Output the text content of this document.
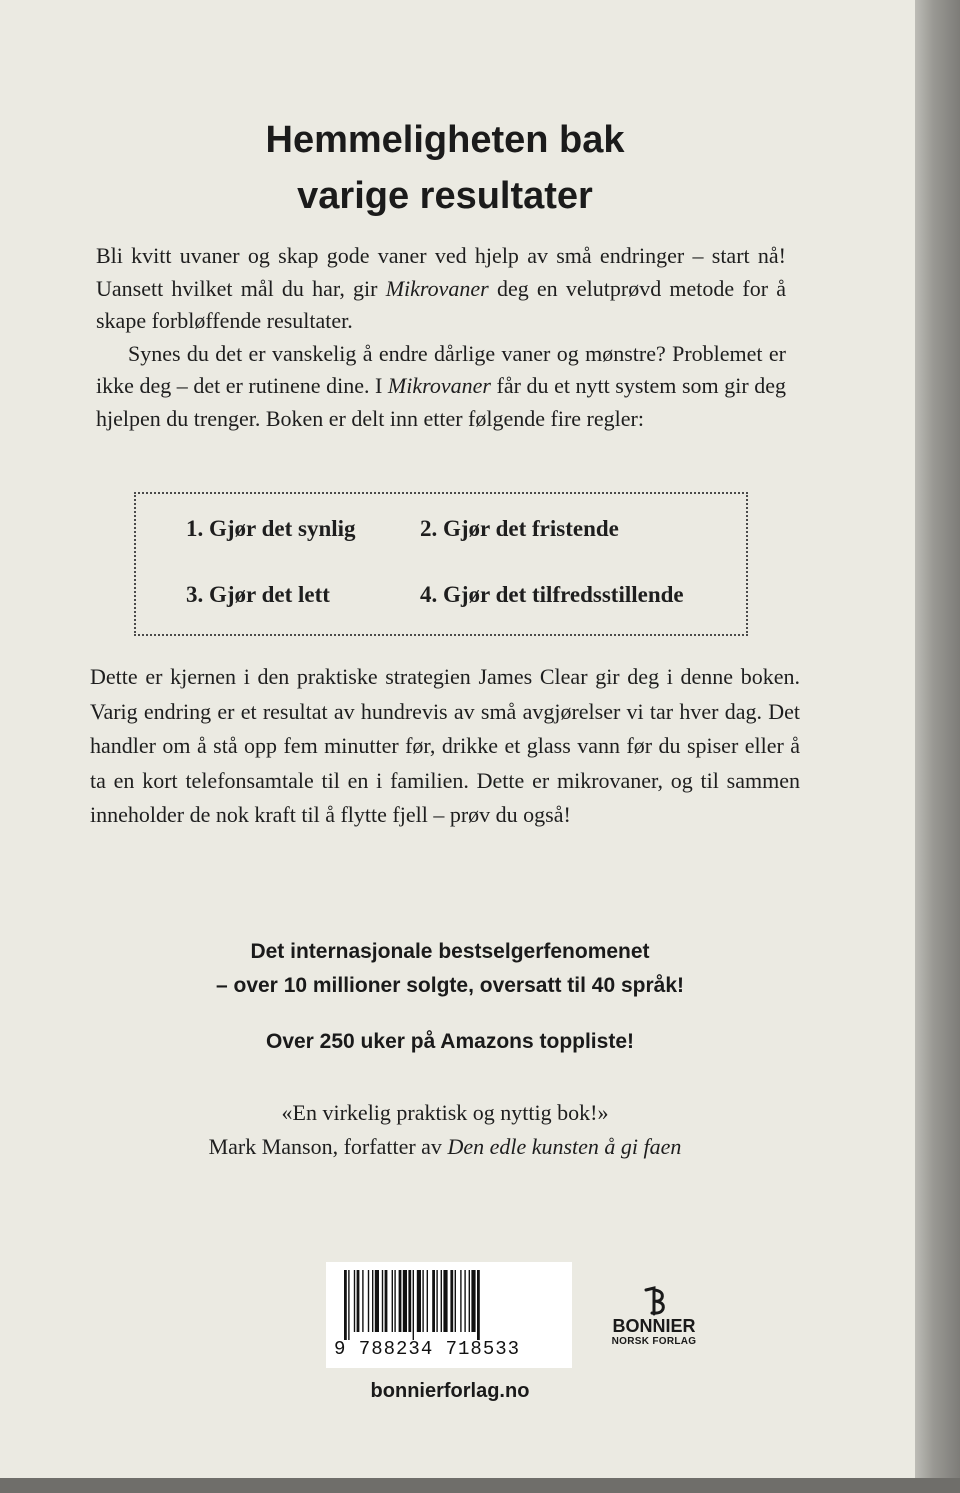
Hemmeligheten bak
varige resultater

Bli kvitt uvaner og skap gode vaner ved hjelp av små endringer – start nå! Uansett hvilket mål du har, gir Mikrovaner deg en velutprøvd metode for å skape forbløffende resultater.

Synes du det er vanskelig å endre dårlige vaner og mønstre? Problemet er ikke deg – det er rutinene dine. I Mikrovaner får du et nytt system som gir deg hjelpen du trenger. Boken er delt inn etter følgende fire regler:

1. Gjør det synlig	2. Gjør det fristende
3. Gjør det lett	4. Gjør det tilfredsstillende

Dette er kjernen i den praktiske strategien James Clear gir deg i denne boken. Varig endring er et resultat av hundrevis av små avgjørelser vi tar hver dag. Det handler om å stå opp fem minutter før, drikke et glass vann før du spiser eller å ta en kort telefonsamtale til en i familien. Dette er mikrovaner, og til sammen inneholder de nok kraft til å flytte fjell – prøv du også!

Det internasjonale bestselgerfenomenet

– over 10 millioner solgte, oversatt til 40 språk!

Over 250 uker på Amazons toppliste!

«En virkelig praktisk og nyttig bok!»

Mark Manson, forfatter av Den edle kunsten å gi faen

9 788234 718533
BONNIER
NORSK FORLAG

bonnierforlag.no
